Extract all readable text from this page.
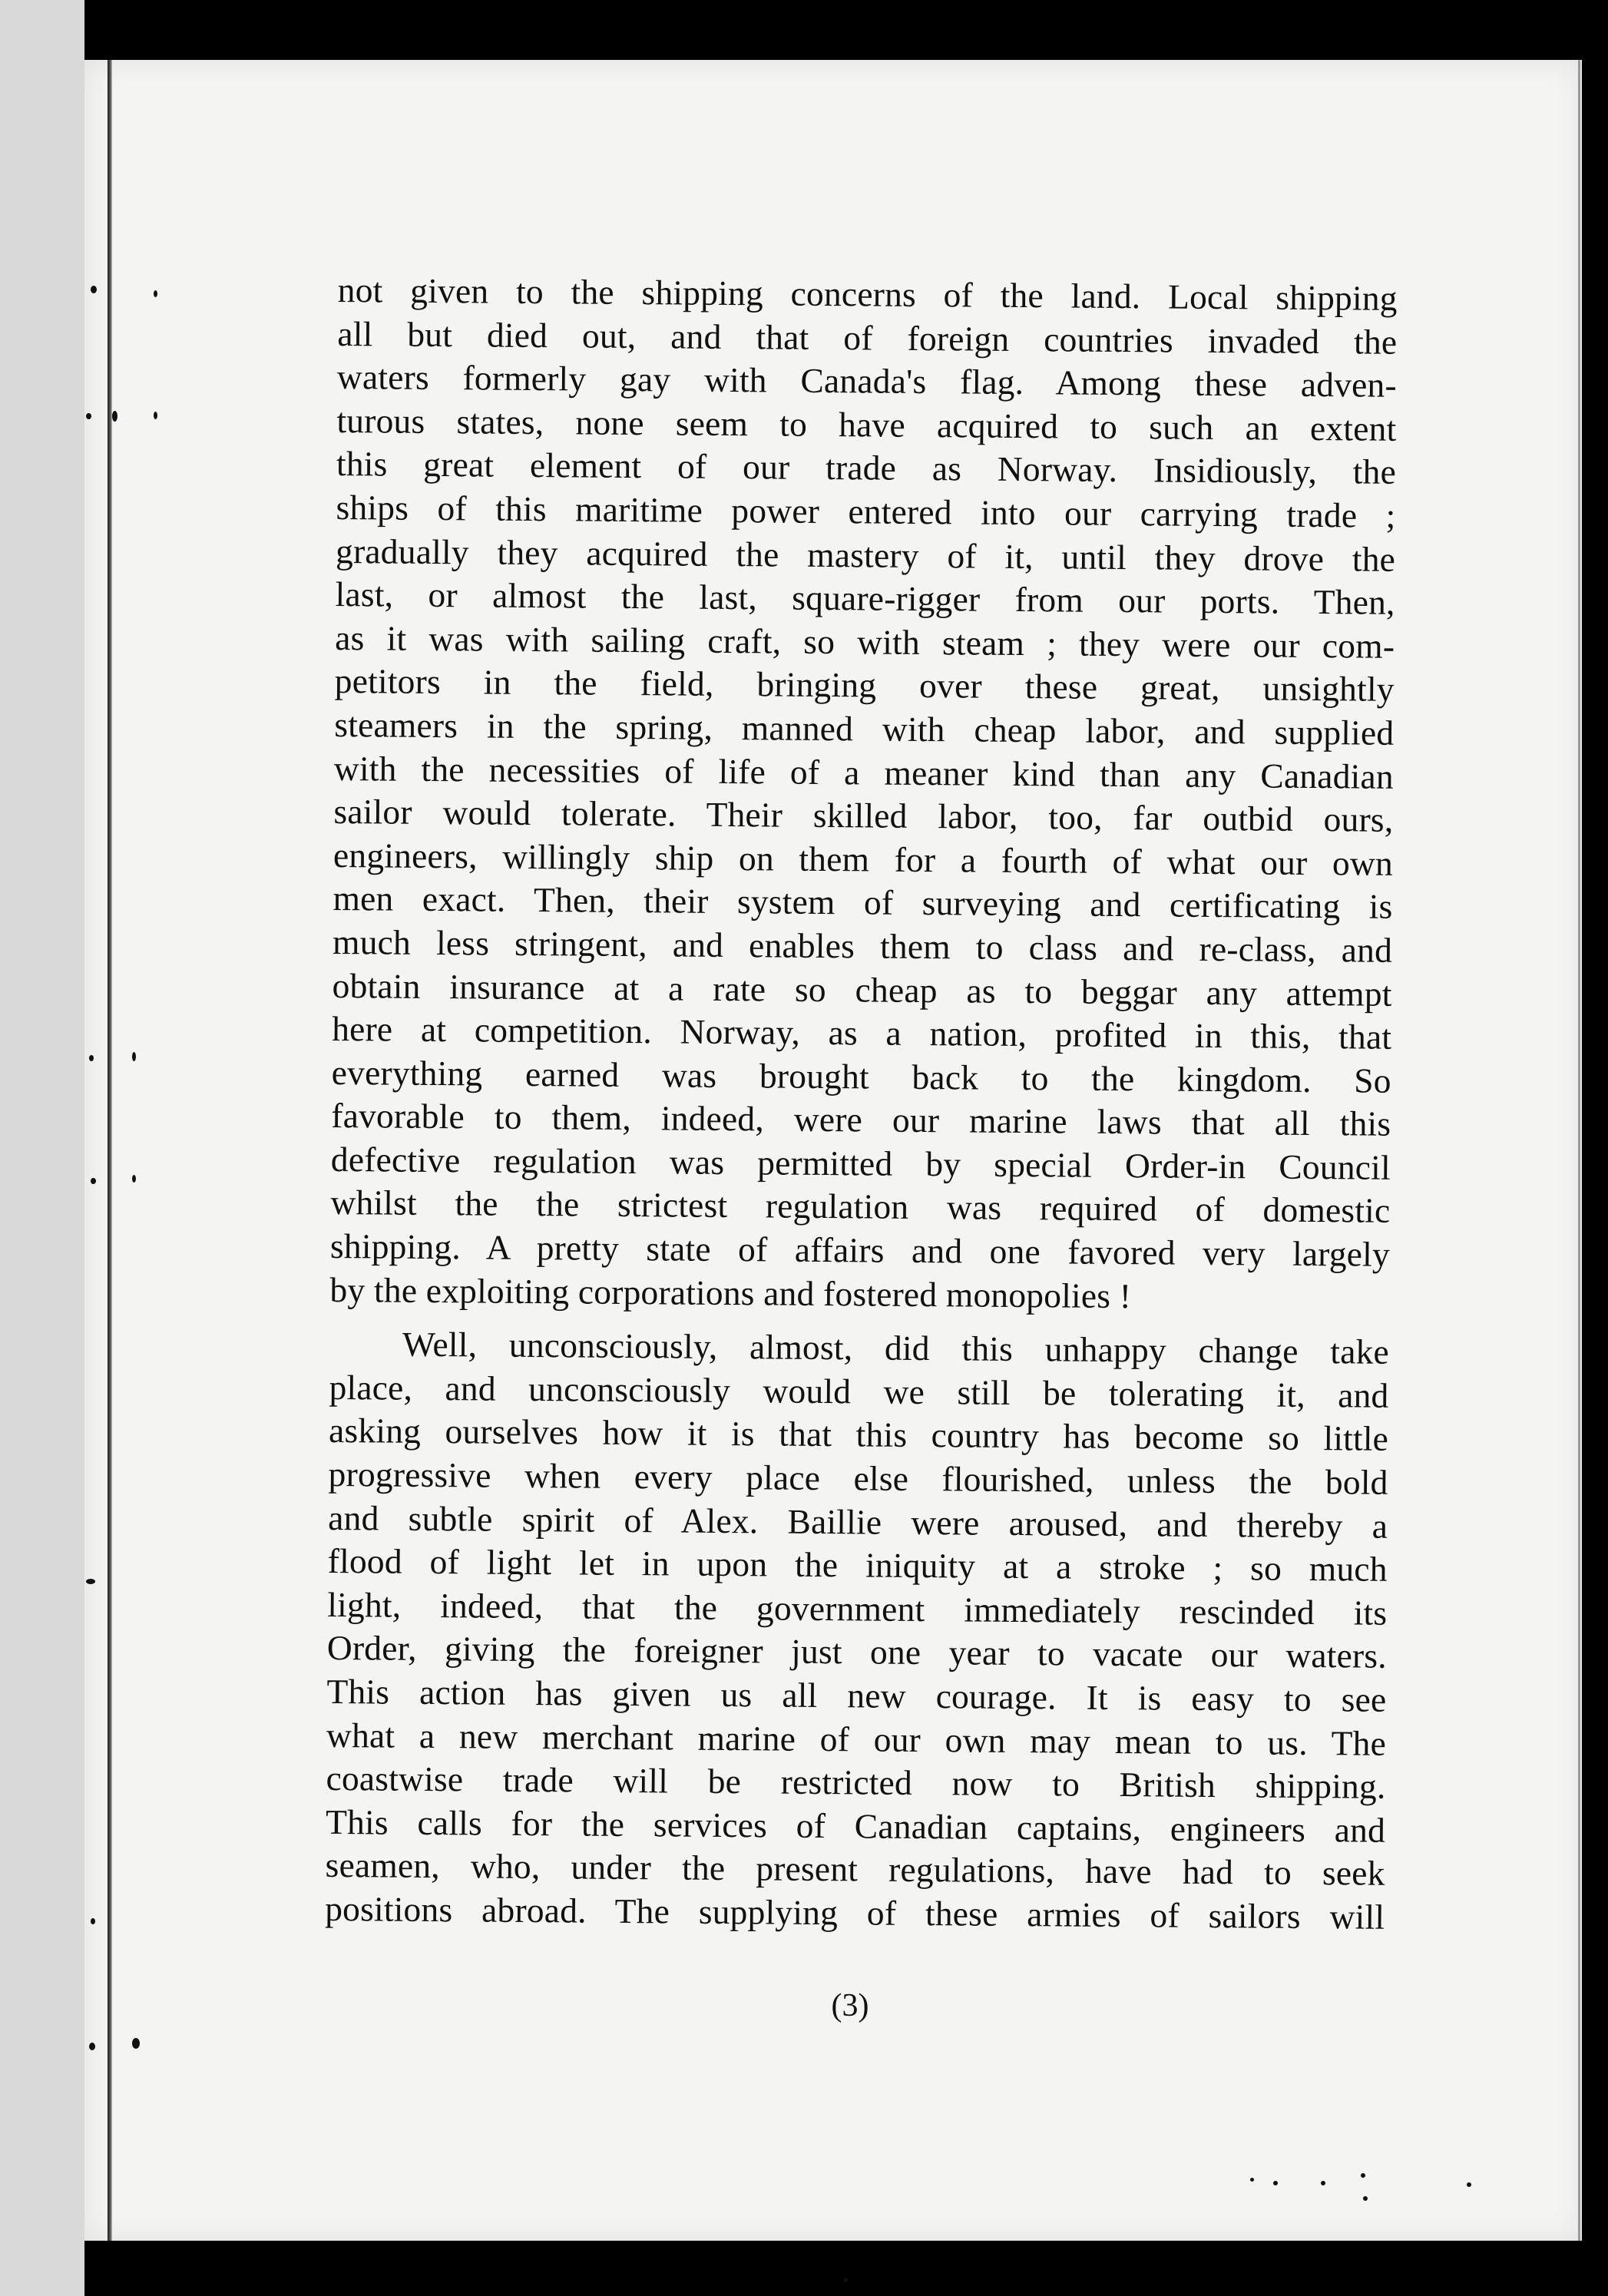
not given to the shipping concerns of the land. Local shipping
all but died out, and that of foreign countries invaded the
waters formerly gay with Canada's flag. Among these adven-
turous states, none seem to have acquired to such an extent
this great element of our trade as Norway. Insidiously, the
ships of this maritime power entered into our carrying trade ;
gradually they acquired the mastery of it, until they drove the
last, or almost the last, square-rigger from our ports. Then,
as it was with sailing craft, so with steam ; they were our com-
petitors in the field, bringing over these great, unsightly
steamers in the spring, manned with cheap labor, and supplied
with the necessities of life of a meaner kind than any Canadian
sailor would tolerate. Their skilled labor, too, far outbid ours,
engineers, willingly ship on them for a fourth of what our own
men exact. Then, their system of surveying and certificating is
much less stringent, and enables them to class and re-class, and
obtain insurance at a rate so cheap as to beggar any attempt
here at competition. Norway, as a nation, profited in this, that
everything earned was brought back to the kingdom. So
favorable to them, indeed, were our marine laws that all this
defective regulation was permitted by special Order-in Council
whilst the the strictest regulation was required of domestic
shipping. A pretty state of affairs and one favored very largely
by the exploiting corporations and fostered monopolies !
Well, unconsciously, almost, did this unhappy change take
place, and unconsciously would we still be tolerating it, and
asking ourselves how it is that this country has become so little
progressive when every place else flourished, unless the bold
and subtle spirit of Alex. Baillie were aroused, and thereby a
flood of light let in upon the iniquity at a stroke ; so much
light, indeed, that the government immediately rescinded its
Order, giving the foreigner just one year to vacate our waters.
This action has given us all new courage. It is easy to see
what a new merchant marine of our own may mean to us. The
coastwise trade will be restricted now to British shipping.
This calls for the services of Canadian captains, engineers and
seamen, who, under the present regulations, have had to seek
positions abroad. The supplying of these armies of sailors will
(3)
